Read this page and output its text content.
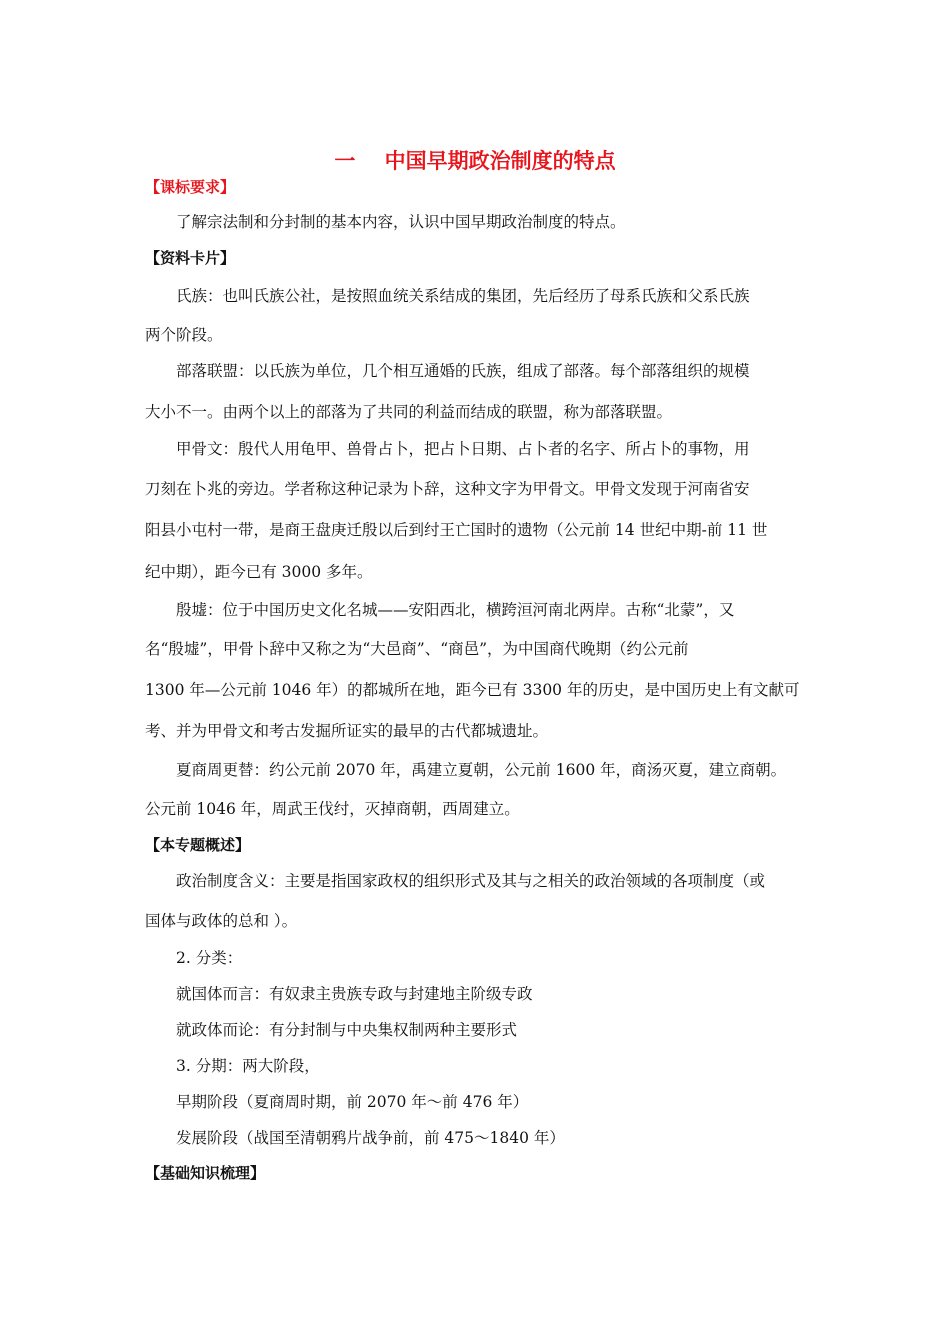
一    中国早期政治制度的特点
【课标要求】
了解宗法制和分封制的基本内容，认识中国早期政治制度的特点。
【资料卡片】
氏族：也叫氏族公社，是按照血统关系结成的集团，先后经历了母系氏族和父系氏族
两个阶段。
部落联盟：以氏族为单位，几个相互通婚的氏族，组成了部落。每个部落组织的规模
大小不一。由两个以上的部落为了共同的利益而结成的联盟，称为部落联盟。
甲骨文：殷代人用龟甲、兽骨占卜，把占卜日期、占卜者的名字、所占卜的事物，用
刀刻在卜兆的旁边。学者称这种记录为卜辞，这种文字为甲骨文。甲骨文发现于河南省安
阳县小屯村一带，是商王盘庚迁殷以后到纣王亡国时的遗物（公元前 14 世纪中期-前 11 世
纪中期），距今已有 3000 多年。
殷墟：位于中国历史文化名城——安阳西北，横跨洹河南北两岸。古称“北蒙”，又
名“殷墟”，甲骨卜辞中又称之为“大邑商”、“商邑”，为中国商代晚期（约公元前
1300 年—公元前 1046 年）的都城所在地，距今已有 3300 年的历史，是中国历史上有文献可
考、并为甲骨文和考古发掘所证实的最早的古代都城遗址。
夏商周更替：约公元前 2070 年，禹建立夏朝，公元前 1600 年，商汤灭夏，建立商朝。
公元前 1046 年，周武王伐纣，灭掉商朝，西周建立。
【本专题概述】
政治制度含义：主要是指国家政权的组织形式及其与之相关的政治领域的各项制度（或
国体与政体的总和 ）。
2. 分类：
就国体而言：有奴隶主贵族专政与封建地主阶级专政
就政体而论：有分封制与中央集权制两种主要形式
3. 分期：两大阶段，
早期阶段（夏商周时期，前 2070 年～前 476 年）
发展阶段（战国至清朝鸦片战争前，前 475～1840 年）
【基础知识梳理】
